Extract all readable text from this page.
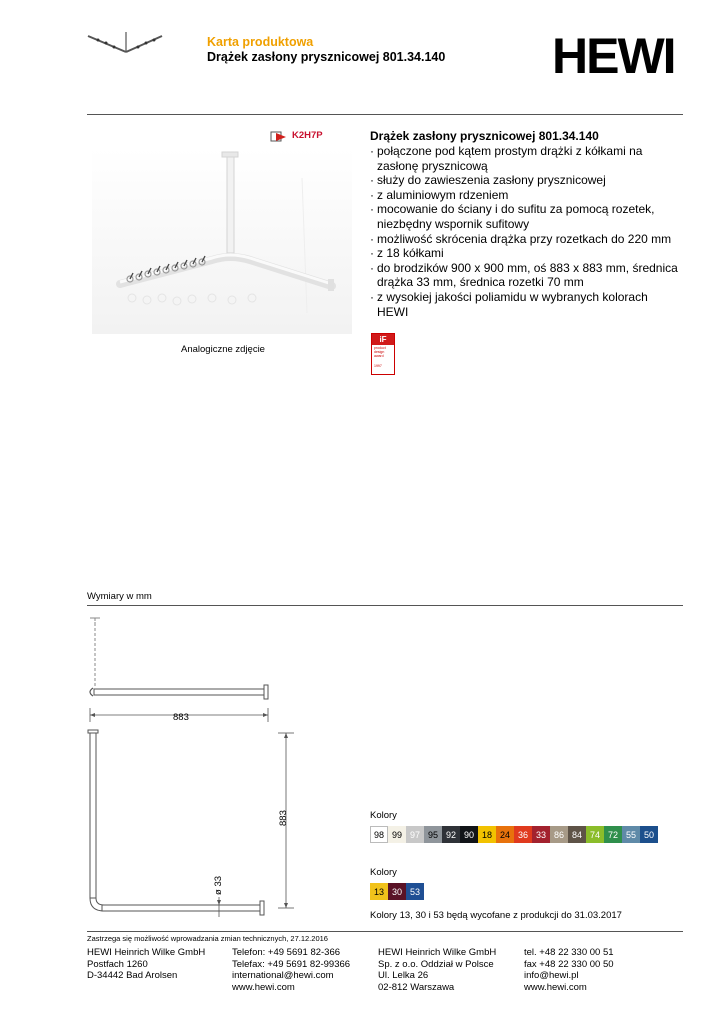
Karta produktowa
Drążek zasłony prysznicowej 801.34.140 HEWI
K2H7P
Analogiczne zdjęcie
Drążek zasłony prysznicowej 801.34.140
· połączone pod kątem prostym drążki z kółkami na zasłonę prysznicową
· służy do zawieszenia zasłony prysznicowej
· z aluminiowym rdzeniem
· mocowanie do ściany i do sufitu za pomocą rozetek, niezbędny wspornik sufitowy
· możliwość skrócenia drążka przy rozetkach do 220 mm
· z 18 kółkami
· do brodzików 900 x 900 mm, oś 883 x 883 mm, średnica drążka 33 mm, średnica rozetki 70 mm
· z wysokiej jakości poliamidu w wybranych kolorach HEWI
iF
product
design
award
1997
Wymiary w mm
883
883
ø 33
Kolory
98 99 97 95 92 90 18 24 36 33 86 84 74 72 55 50
Kolory
13 30 53
Kolory 13, 30 i 53 będą wycofane z produkcji do 31.03.2017
Zastrzega się możliwość wprowadzania zmian technicznych, 27.12.2016
HEWI Heinrich Wilke GmbH
Postfach 1260
D-34442 Bad Arolsen
Telefon: +49 5691 82-366
Telefax: +49 5691 82-99366
international@hewi.com
www.hewi.com
HEWI Heinrich Wilke GmbH
Sp. z o.o. Oddział w Polsce
Ul. Lelka 26
02-812 Warszawa
tel. +48 22 330 00 51
fax +48 22 330 00 50
info@hewi.pl
www.hewi.com
